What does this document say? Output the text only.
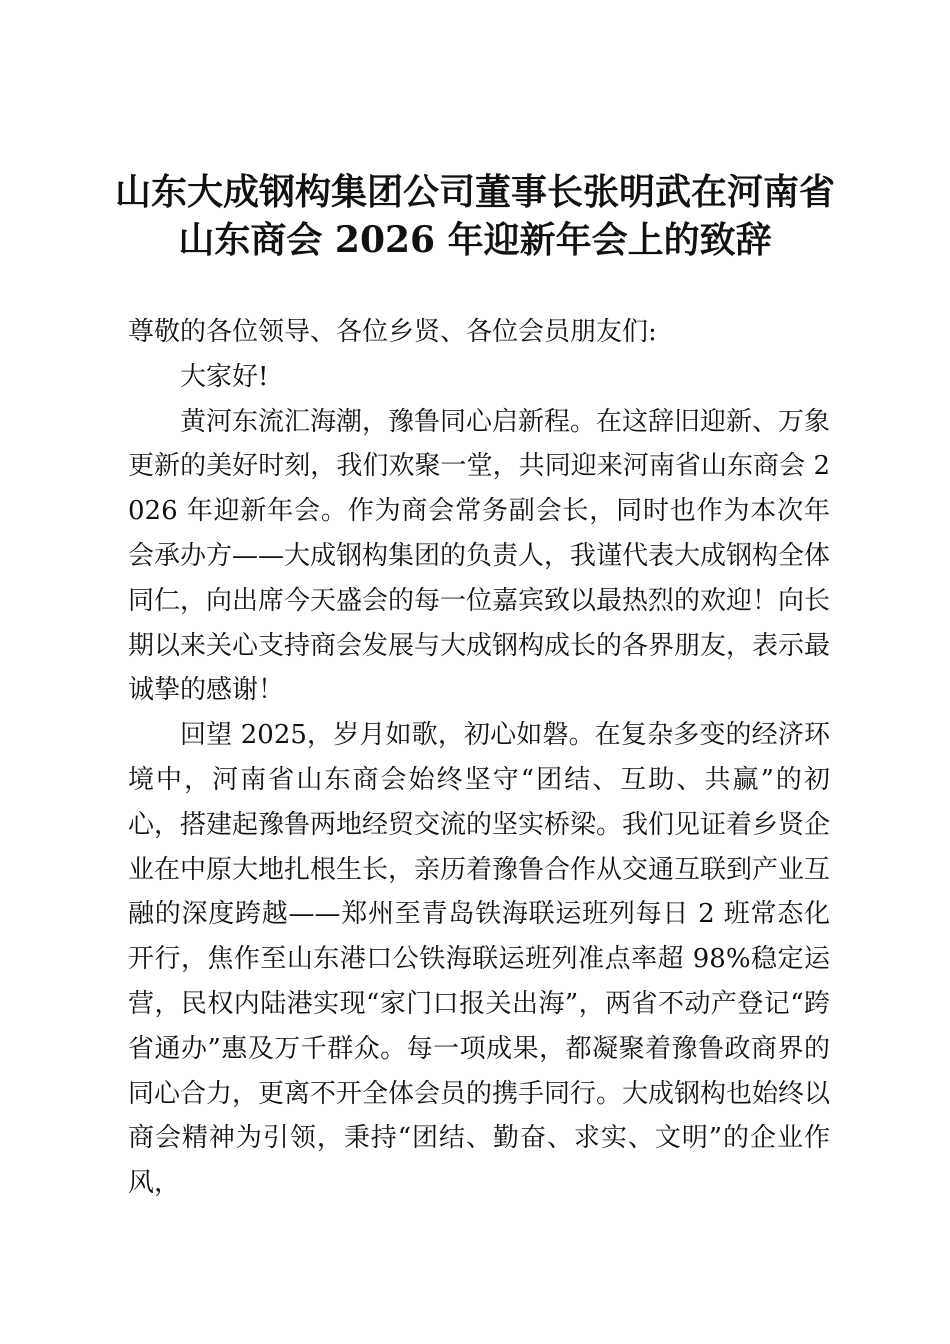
山东大成钢构集团公司董事长张明武在河南省
山东商会 2026 年迎新年会上的致辞

尊敬的各位领导、各位乡贤、各位会员朋友们:

大家好!

黄河东流汇海潮，豫鲁同心启新程。在这辞旧迎新、万象更新的美好时刻，我们欢聚一堂，共同迎来河南省山东商会 2026 年迎新年会。作为商会常务副会长，同时也作为本次年会承办方——大成钢构集团的负责人，我谨代表大成钢构全体同仁，向出席今天盛会的每一位嘉宾致以最热烈的欢迎！向长期以来关心支持商会发展与大成钢构成长的各界朋友，表示最诚挚的感谢！

回望 2025，岁月如歌，初心如磐。在复杂多变的经济环境中，河南省山东商会始终坚守“团结、互助、共赢”的初心，搭建起豫鲁两地经贸交流的坚实桥梁。我们见证着乡贤企业在中原大地扎根生长，亲历着豫鲁合作从交通互联到产业互融的深度跨越——郑州至青岛铁海联运班列每日 2 班常态化开行，焦作至山东港口公铁海联运班列准点率超 98%稳定运营，民权内陆港实现“家门口报关出海”，两省不动产登记“跨省通办”惠及万千群众。每一项成果，都凝聚着豫鲁政商界的同心合力，更离不开全体会员的携手同行。大成钢构也始终以商会精神为引领，秉持“团结、勤奋、求实、文明”的企业作风，
